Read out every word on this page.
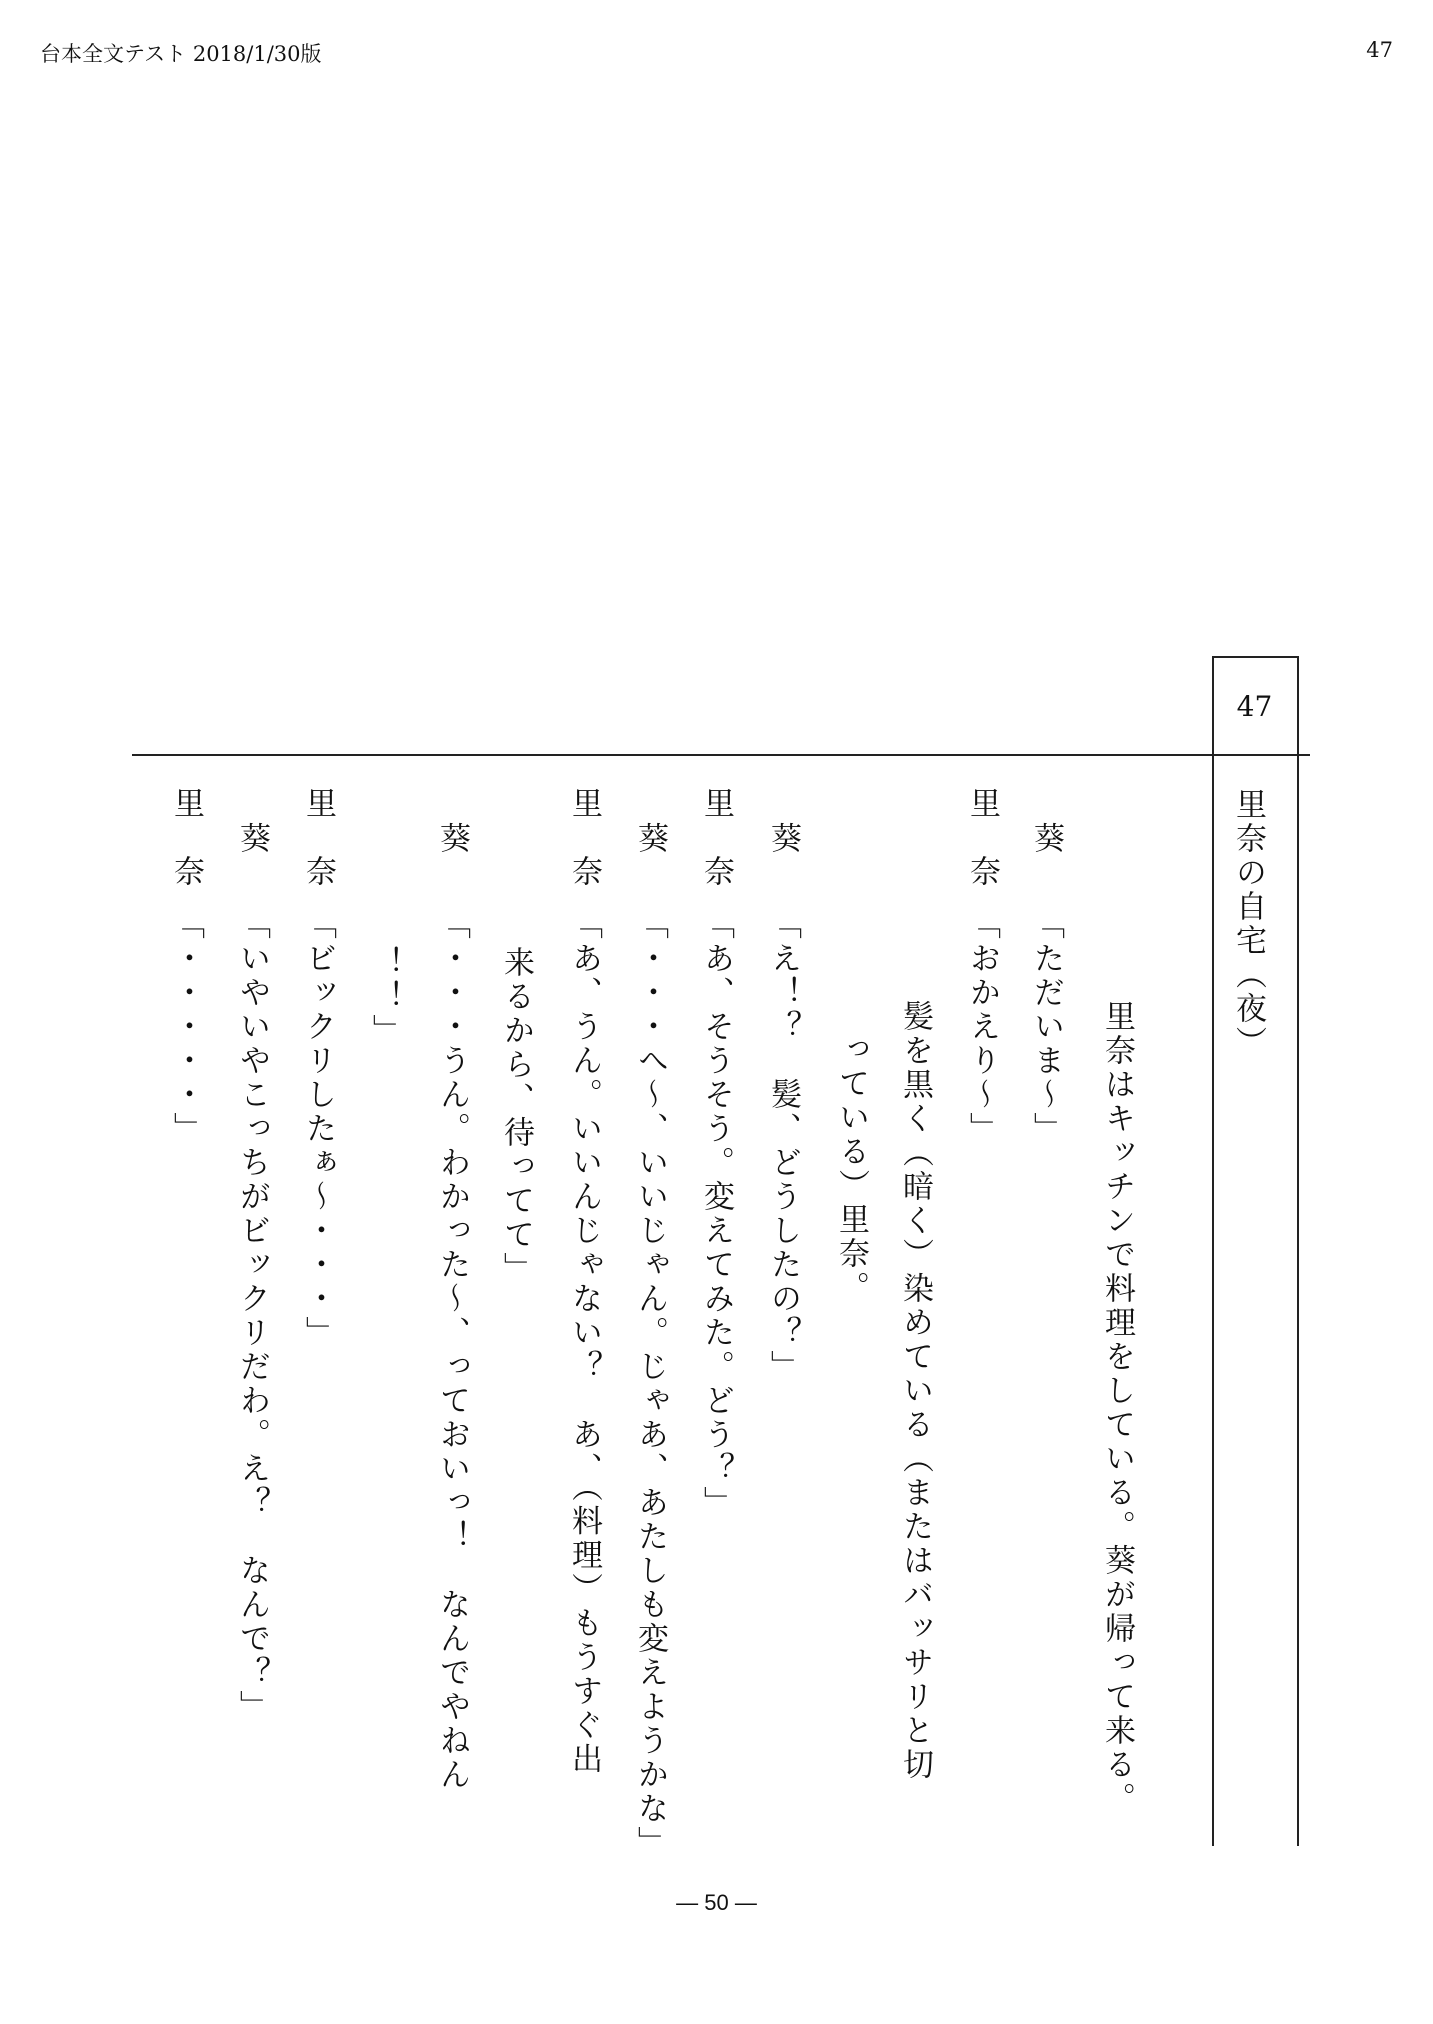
台本全文テスト 2018/1/30版	47
47
里奈の自宅（夜）
里奈はキッチンで料理をしている。葵が帰って来る。
葵
「ただいま～」
里　奈
「おかえり～」
髪を黒く（暗く）染めている（またはバッサリと切
っている）里奈。
葵
「え！？　髪、どうしたの？」
里　奈
「あ、そうそう。変えてみた。どう？」
葵
「・・・へ～、いいじゃん。じゃあ、あたしも変えようかな」
里　奈
「あ、うん。いいんじゃない？　あ、（料理）もうすぐ出
来るから、待ってて」
葵
「・・・うん。わかった～、っておいっ！　なんでやねん
！！」
里　奈
「ビックリしたぁ～・・・」
葵
「いやいやこっちがビックリだわ。え？　なんで？」
里　奈
「・・・・・」
— 50 —
